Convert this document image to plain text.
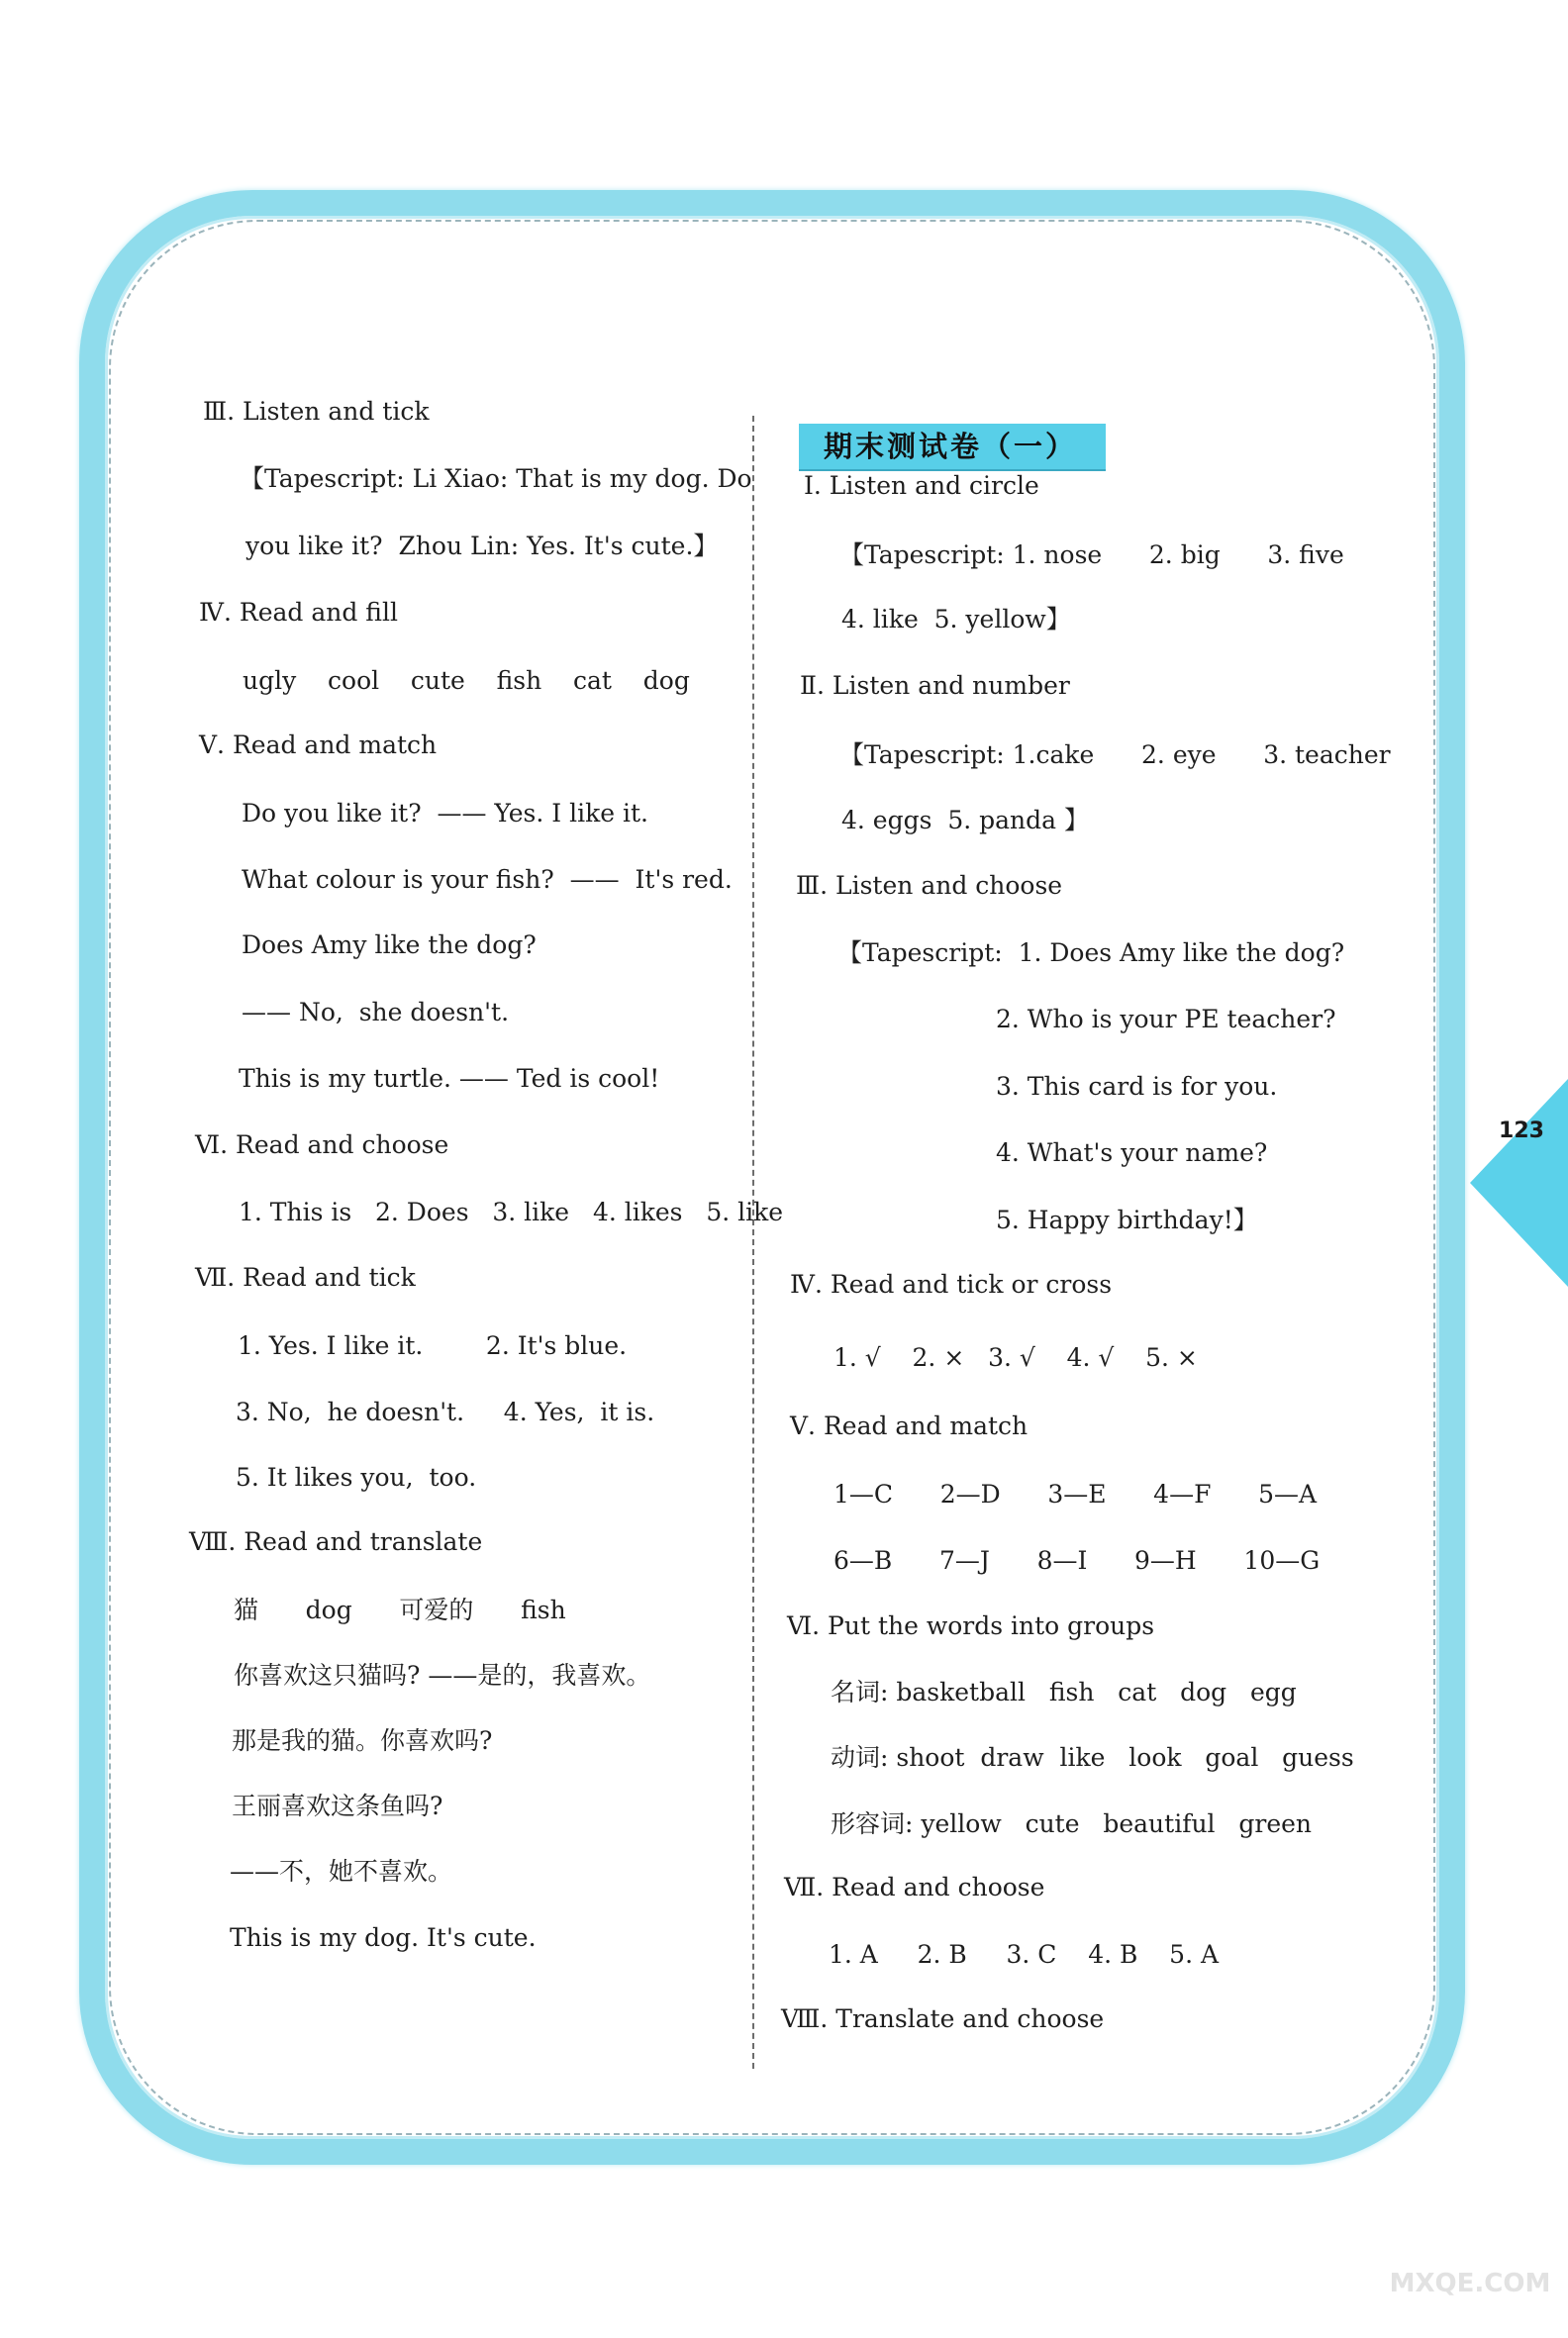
123
期末测试卷（一）
Ⅲ. Listen and tick
【Tapescript: Li Xiao: That is my dog. Do
you like it?  Zhou Lin: Yes. It's cute.】
Ⅳ. Read and fill
ugly    cool    cute    fish    cat    dog
Ⅴ. Read and match
Do you like it?  —— Yes. I like it.
What colour is your fish?  ——  It's red.
Does Amy like the dog?
—— No,  she doesn't.
This is my turtle. —— Ted is cool!
Ⅵ. Read and choose
1. This is   2. Does   3. like   4. likes   5. like
Ⅶ. Read and tick
1. Yes. I like it.        2. It's blue.
3. No,  he doesn't.     4. Yes,  it is.
5. It likes you,  too.
Ⅷ. Read and translate
猫      dog      可爱的      fish
你喜欢这只猫吗? ——是的，我喜欢。
那是我的猫。你喜欢吗?
王丽喜欢这条鱼吗?
——不，她不喜欢。
This is my dog. It's cute.
Ⅰ. Listen and circle
【Tapescript: 1. nose      2. big      3. five
4. like  5. yellow】
Ⅱ. Listen and number
【Tapescript: 1.cake      2. eye      3. teacher
4. eggs  5. panda 】
Ⅲ. Listen and choose
【Tapescript:  1. Does Amy like the dog?
2. Who is your PE teacher?
3. This card is for you.
4. What's your name?
5. Happy birthday!】
Ⅳ. Read and tick or cross
1. √    2. ×   3. √    4. √    5. ×
Ⅴ. Read and match
1—C      2—D      3—E      4—F      5—A
6—B      7—J      8—I      9—H      10—G
Ⅵ. Put the words into groups
名词: basketball   fish   cat   dog   egg
动词: shoot  draw  like   look   goal   guess
形容词: yellow   cute   beautiful   green
Ⅶ. Read and choose
1. A     2. B     3. C    4. B    5. A
Ⅷ. Translate and choose
MXQE.COM
